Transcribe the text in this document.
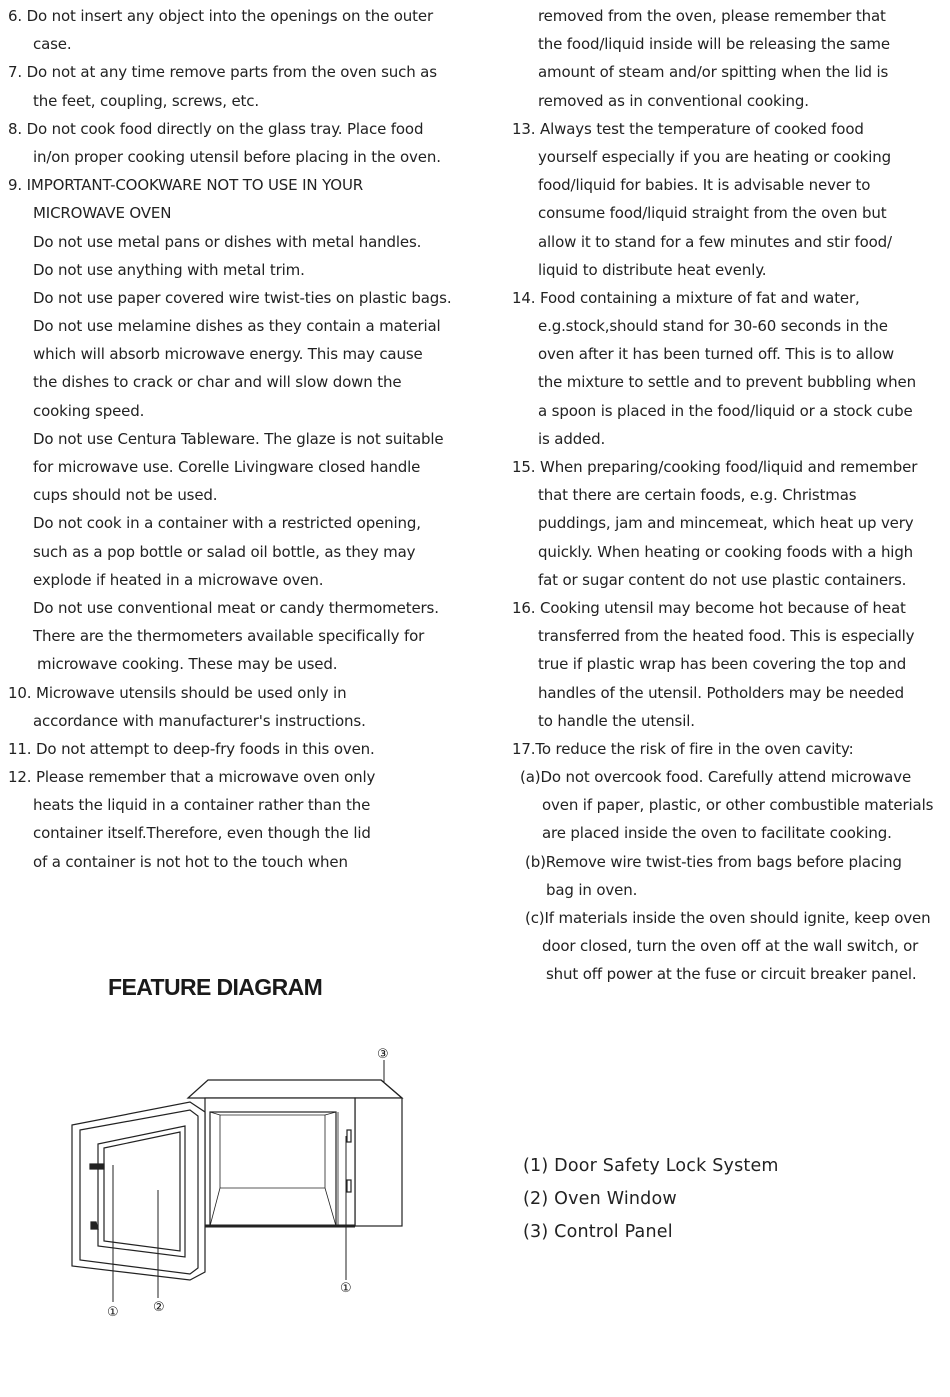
6. Do not insert any object into the openings on the outer
case.
7. Do not at any time remove parts from the oven such as
the feet, coupling, screws, etc.
8. Do not cook food directly on the glass tray. Place food
in/on proper cooking utensil before placing in the oven.
9. IMPORTANT-COOKWARE NOT TO USE IN YOUR
MICROWAVE OVEN
Do not use metal pans or dishes with metal handles.
Do not use anything with metal trim.
Do not use paper covered wire twist-ties on plastic bags.
Do not use melamine dishes as they contain a material
which will absorb microwave energy. This may cause
the dishes to crack or char and will slow down the
cooking speed.
Do not use Centura Tableware. The glaze is not suitable
for microwave use. Corelle Livingware closed handle
cups should not be used.
Do not cook in a container with a restricted opening,
such as a pop bottle or salad oil bottle, as they may
explode if heated in a microwave oven.
Do not use conventional meat or candy thermometers.
There are the thermometers available specifically for
microwave cooking. These may be used.
10. Microwave utensils should be used only in
accordance with manufacturer's instructions.
11. Do not attempt to deep-fry foods in this oven.
12. Please remember that a microwave oven only
heats the liquid in a container rather than the
container itself.Therefore, even though the lid
of a container is not hot to the touch when
removed from the oven, please remember that
the food/liquid inside will be releasing the same
amount of steam and/or spitting when the lid is
removed as in conventional cooking.
13. Always test the temperature of cooked food
yourself especially if you are heating or cooking
food/liquid for babies. It is advisable never to
consume food/liquid straight from the oven but
allow it to stand for a few minutes and stir food/
liquid to distribute heat evenly.
14. Food containing a mixture of fat and water,
e.g.stock,should stand for 30-60 seconds in the
oven after it has been turned off. This is to allow
the mixture to settle and to prevent bubbling when
a spoon is placed in the food/liquid or a stock cube
is added.
15. When preparing/cooking food/liquid and remember
that there are certain foods, e.g. Christmas
puddings, jam and mincemeat, which heat up very
quickly. When heating or cooking foods with a high
fat or sugar content do not use plastic containers.
16. Cooking utensil may become hot because of heat
transferred from the heated food. This is especially
true if plastic wrap has been covering the top and
handles of the utensil. Potholders may be needed
to handle the utensil.
17.To reduce the risk of fire in the oven cavity:
(a)Do not overcook food. Carefully attend microwave
oven if paper, plastic, or other combustible materials
are placed inside the oven to facilitate cooking.
(b)Remove wire twist-ties from bags before placing
bag in oven.
(c)If materials inside the oven should ignite, keep oven
door closed, turn the oven off at the wall switch, or
shut off power at the fuse or circuit breaker panel.
FEATURE DIAGRAM
③
①	②
①
(1) Door Safety Lock System
(2) Oven Window
(3) Control Panel
